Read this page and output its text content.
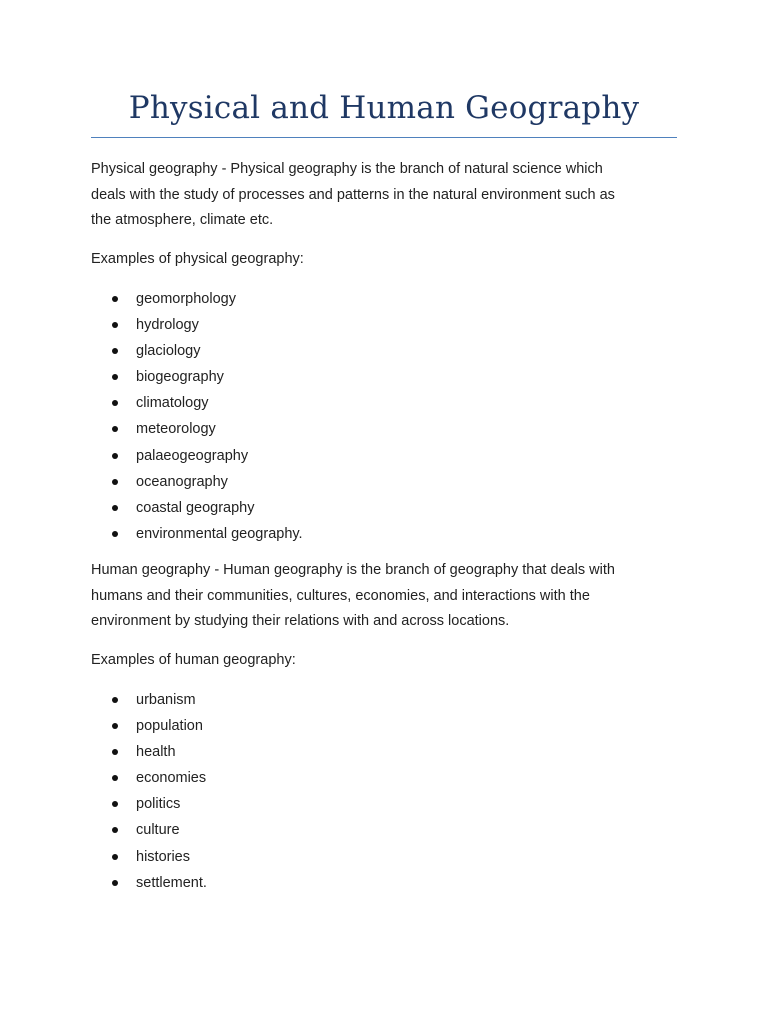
Physical and Human Geography
Physical geography - Physical geography is the branch of natural science which
deals with the study of processes and patterns in the natural environment such as
the atmosphere, climate etc.
Examples of physical geography:
geomorphology
hydrology
glaciology
biogeography
climatology
meteorology
palaeogeography
oceanography
coastal geography
environmental geography.
Human geography - Human geography is the branch of geography that deals with
humans and their communities, cultures, economies, and interactions with the
environment by studying their relations with and across locations.
Examples of human geography:
urbanism
population
health
economies
politics
culture
histories
settlement.
